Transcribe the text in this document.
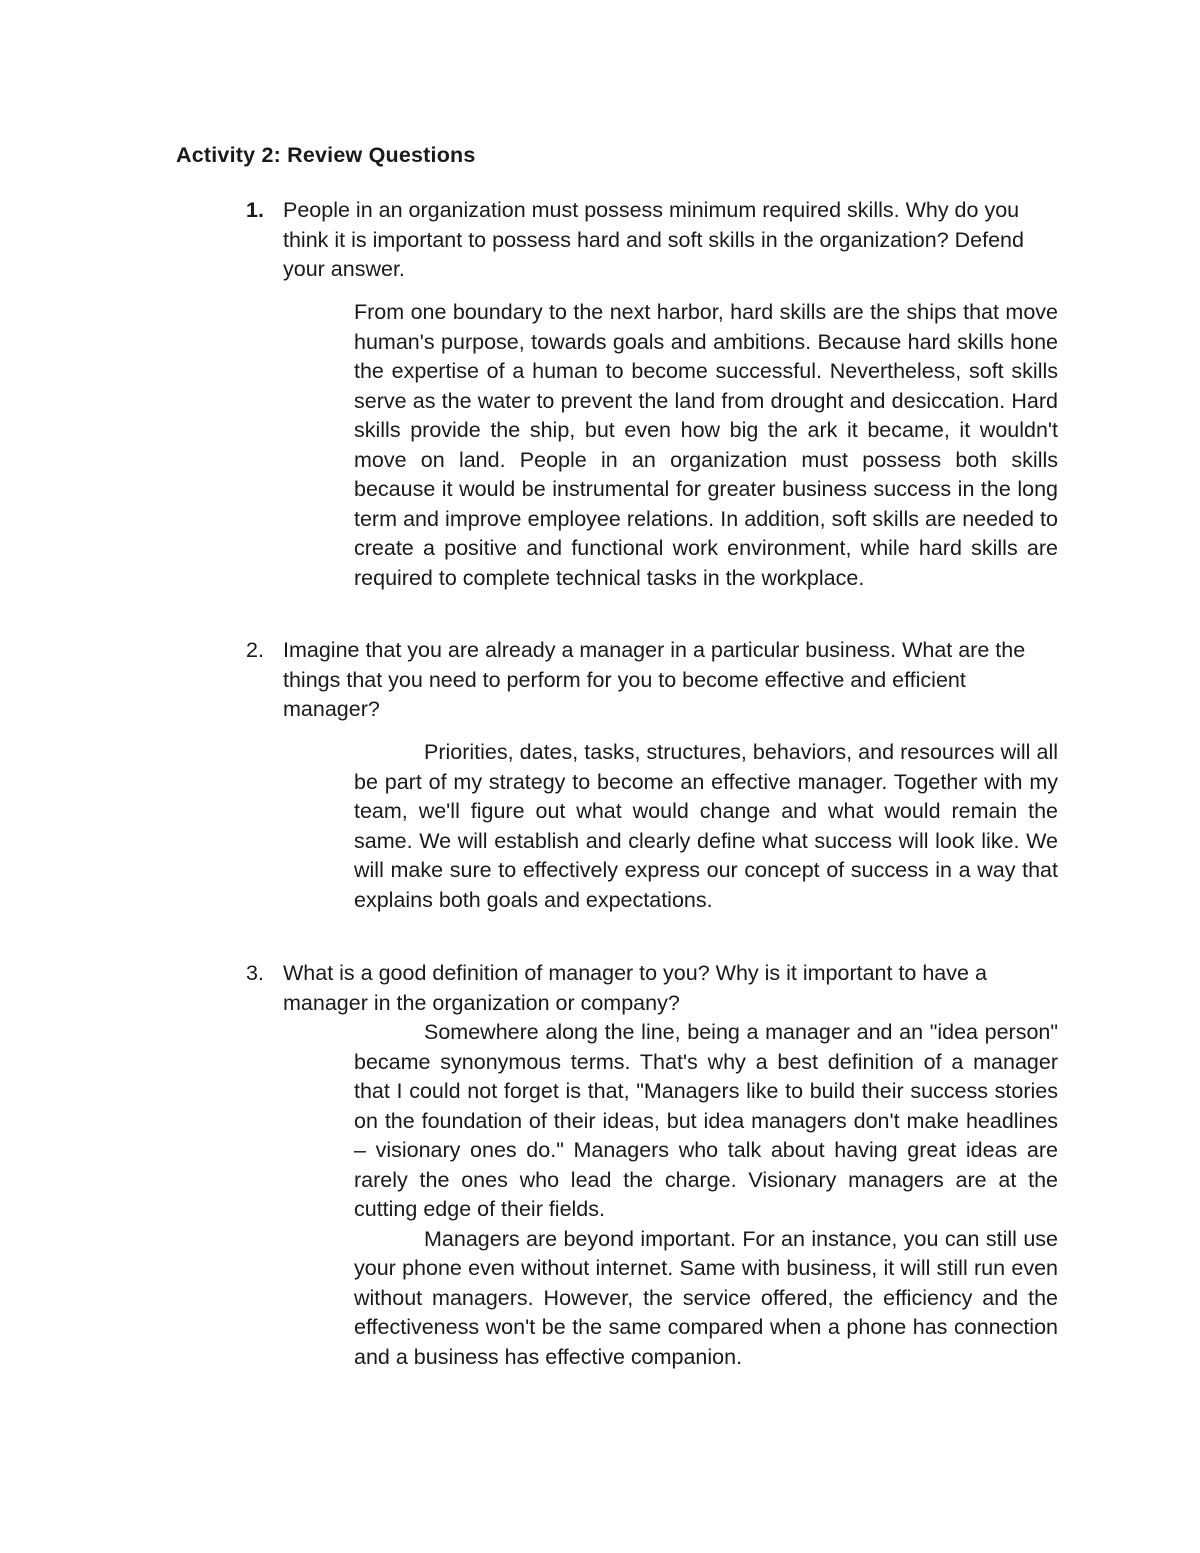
Activity 2: Review Questions
1. People in an organization must possess minimum required skills. Why do you think it is important to possess hard and soft skills in the organization? Defend your answer.

From one boundary to the next harbor, hard skills are the ships that move human's purpose, towards goals and ambitions. Because hard skills hone the expertise of a human to become successful. Nevertheless, soft skills serve as the water to prevent the land from drought and desiccation. Hard skills provide the ship, but even how big the ark it became, it wouldn't move on land. People in an organization must possess both skills because it would be instrumental for greater business success in the long term and improve employee relations. In addition, soft skills are needed to create a positive and functional work environment, while hard skills are required to complete technical tasks in the workplace.

2. Imagine that you are already a manager in a particular business. What are the things that you need to perform for you to become effective and efficient manager?

Priorities, dates, tasks, structures, behaviors, and resources will all be part of my strategy to become an effective manager. Together with my team, we'll figure out what would change and what would remain the same. We will establish and clearly define what success will look like. We will make sure to effectively express our concept of success in a way that explains both goals and expectations.

3. What is a good definition of manager to you? Why is it important to have a manager in the organization or company?

Somewhere along the line, being a manager and an "idea person" became synonymous terms. That's why a best definition of a manager that I could not forget is that, "Managers like to build their success stories on the foundation of their ideas, but idea managers don't make headlines – visionary ones do." Managers who talk about having great ideas are rarely the ones who lead the charge. Visionary managers are at the cutting edge of their fields.

Managers are beyond important. For an instance, you can still use your phone even without internet. Same with business, it will still run even without managers. However, the service offered, the efficiency and the effectiveness won't be the same compared when a phone has connection and a business has effective companion.
